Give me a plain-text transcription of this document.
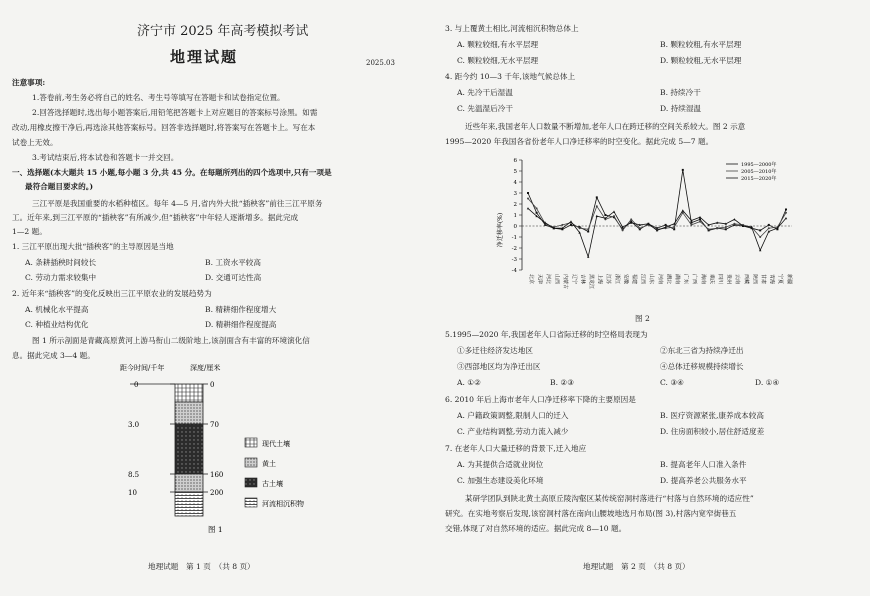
济宁市 2025 年高考模拟考试
地理试题	2025.03
注意事项:
1.答卷前,考生务必将自己的姓名、考生号等填写在答题卡和试卷指定位置。
2.回答选择题时,选出每小题答案后,用铅笔把答题卡上对应题目的答案标号涂黑。如需
改动,用橡皮擦干净后,再选涂其他答案标号。回答非选择题时,将答案写在答题卡上。写在本
试卷上无效。
3.考试结束后,将本试卷和答题卡一并交回。
一、选择题(本大题共 15 小题,每小题 3 分,共 45 分。在每题所列出的四个选项中,只有一项是
最符合题目要求的。)
三江平原是我国重要的水稻种植区。每年 4—5 月,省内外大批“插秧客”前往三江平原务
工。近年来,到三江平原的“插秧客”有所减少,但“插秧客”中年轻人逐渐增多。据此完成
1—2 题。
1. 三江平原出现大批“插秧客”的主导原因是当地
A. 条耕插秧时间较长	B. 工资水平较高
C. 劳动力需求较集中	D. 交通可达性高
2. 近年来“插秧客”的变化反映出三江平原农业的发展趋势为
A. 机械化水平提高	B. 精耕细作程度增大
C. 种植业结构优化	D. 精耕细作程度提高
图 1 所示剖面是青藏高原黄河上游马衔山二级阶地上,该剖面含有丰富的环境演化信
息。据此完成 3—4 题。
距今时间/千年	深度/厘米
0
3.0
8.5
10
0
70
160
200
现代土壤
黄土
古土壤
河流相沉积物
图 1
地理试题　第 1 页　（共 8 页）
3. 与上覆黄土相比,河流相沉积物总体上
A. 颗粒较细,有水平层理	B. 颗粒较粗,有水平层理
C. 颗粒较细,无水平层理	D. 颗粒较粗,无水平层理
4. 距今约 10—3 千年,该地气候总体上
A. 先冷干后湿温	B. 持续冷干
C. 先温湿后冷干	D. 持续湿温
近些年来,我国老年人口数量不断增加,老年人口在跨迁移的空间关系较大。图 2 示意
1995—2020 年我国各省份老年人口净迁移率的时空变化。据此完成 5—7 题。
-4
-3
-2
-1
0
1
2
3
4
5
6
北京 天津 河北 山西 内蒙古 辽宁 吉林 黑龙江 上海 江苏 浙江 安徽 福建 江西 山东 河南 湖北 湖南 广东 广西 海南 重庆 四川 贵州 云南 西藏 陕西 甘肃 青海 宁夏 新疆
1995—2000年
2005—2010年
2015—2020年
净迁移率(%)
图 2
5.1995—2020 年,我国老年人口省际迁移的时空格局表现为
①多迁往经济发达地区	②东北三省为持续净迁出
③西部地区均为净迁出区	④总体迁移规模持续增长
A. ①②	B. ②③	C. ③④	D. ①④
6. 2010 年后上海市老年人口净迁移率下降的主要原因是
A. 户籍政策调整,限制人口的迁入	B. 医疗资源紧张,康养成本较高
C. 产业结构调整,劳动力流入减少	D. 住房面积较小,居住舒适度差
7. 在老年人口大量迁移的背景下,迁入地应
A. 为其提供合适就业岗位	B. 提高老年人口准入条件
C. 加强生态建设美化环境	D. 提高养老公共服务水平
某研学团队到陕北黄土高原丘陵沟壑区某传统窑洞村落进行“村落与自然环境的适应性”
研究。在实地考察后发现,该窑洞村落在南向山腰坡地选月布局(图 3),村落内宽窄街巷五
交错,体现了对自然环境的适应。据此完成 8—10 题。
地理试题　第 2 页　（共 8 页）
